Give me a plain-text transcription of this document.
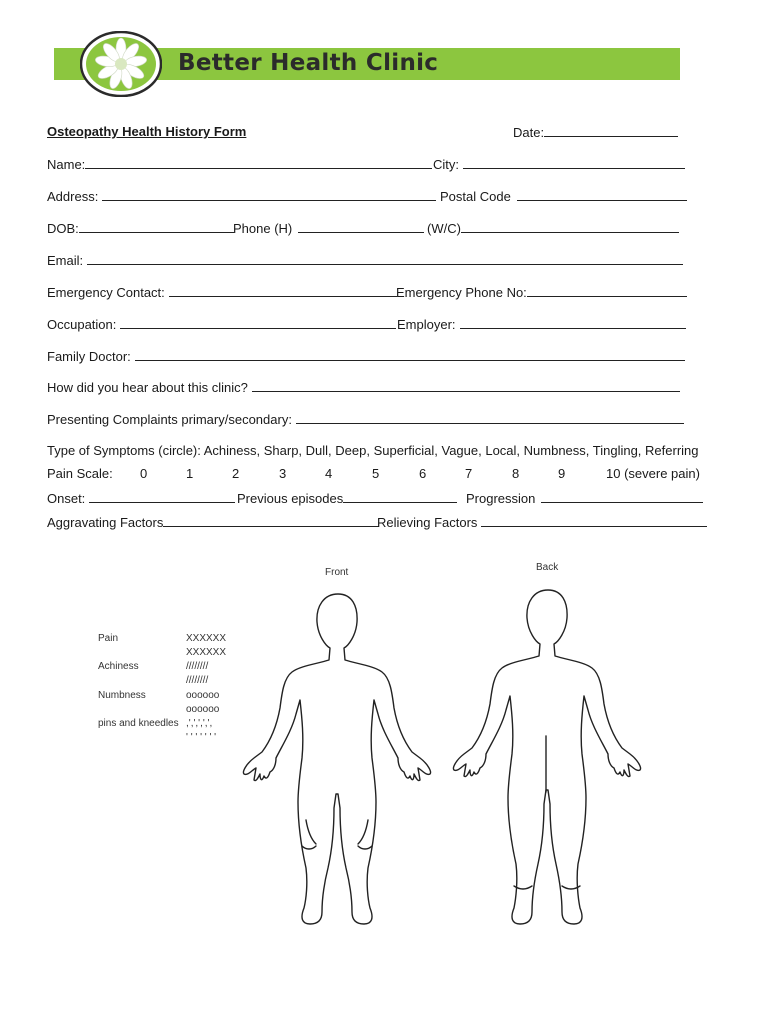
Better Health Clinic
Osteopathy Health History Form	Date:
Name:	City:
Address:	Postal Code
DOB:	Phone (H)	(W/C)
Email:
Emergency Contact:	Emergency Phone No:
Occupation:	Employer:
Family Doctor:
How did you hear about this clinic?
Presenting Complaints primary/secondary:
Type of Symptoms (circle): Achiness, Sharp, Dull, Deep, Superficial, Vague, Local, Numbness, Tingling, Referring
Pain Scale: 0	1	2	3	4	5	6	7	8	9	10 (severe pain)
Onset:	Previous episodes	Progression
Aggravating Factors	Relieving Factors
Pain	XXXXXX
XXXXXX
Achiness	////////
////////
Numbness	oooooo
oooooo
pins and kneedles ,',',',',',
' ' ' ' ' ' '
Front	Back
